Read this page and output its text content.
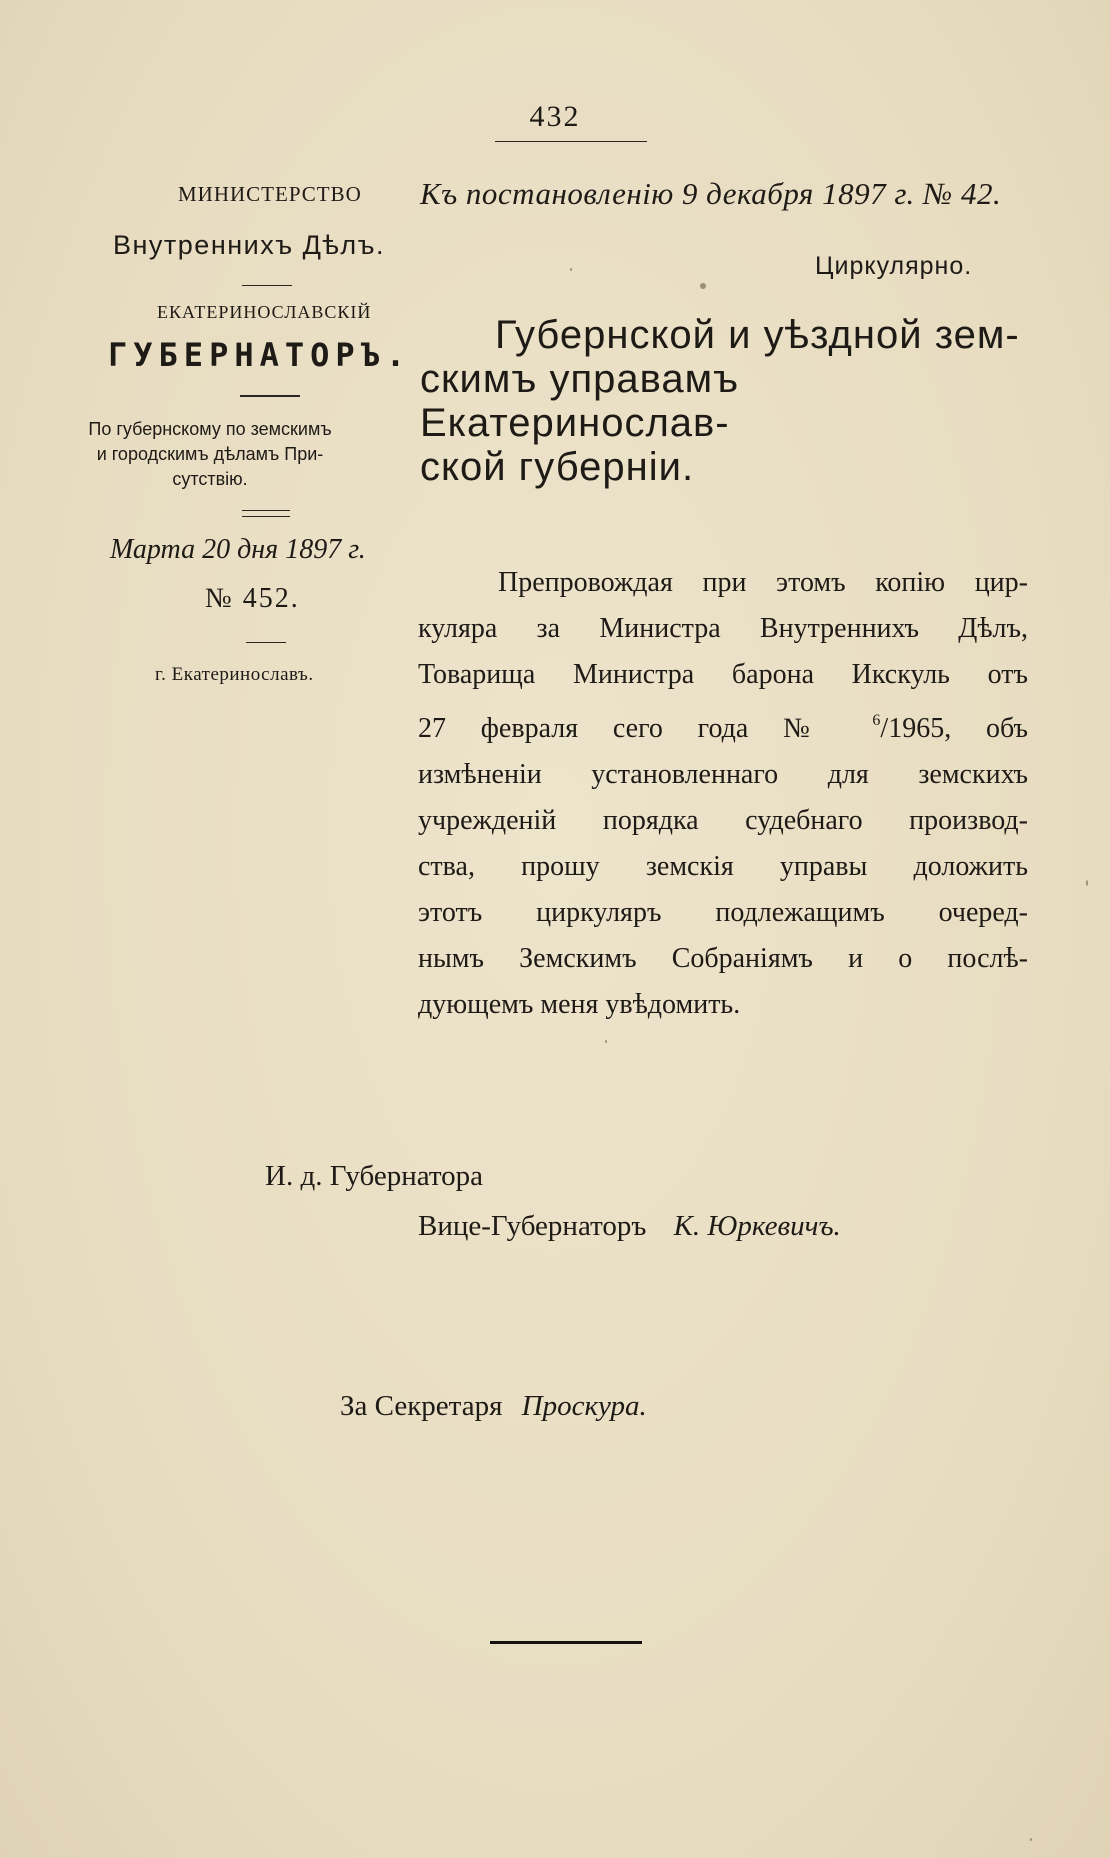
432
МИНИСТЕРСТВО
Внутреннихъ Дѣлъ.
ЕКАТЕРИНОСЛАВСКІЙ
ГУБЕРНАТОРЪ.
По губернскому по земскимъ
и городскимъ дѣламъ При-
сутствію.
Марта 20 дня 1897 г.
№ 452.
г. Екатеринославъ.
Къ постановленію 9 декабря 1897 г. № 42.
Циркулярно.
Губернской и уѣздной зем-
скимъ управамъ Екатеринослав-
ской губерніи.
Препровождая при этомъ копію цир-
куляра за Министра Внутреннихъ Дѣлъ,
Товарища Министра барона Икскуль отъ
27 февраля сего года № $^6$/1965, объ
измѣненіи установленнаго для земскихъ
учрежденій порядка судебнаго производ-
ства, прошу земскія управы доложить
этотъ циркуляръ подлежащимъ очеред-
нымъ Земскимъ Собраніямъ и о послѣ-
дующемъ меня увѣдомить.
И. д. Губернатора
Вице-Губернаторъ К. Юркевичъ.
За Секретаря Проскура.
